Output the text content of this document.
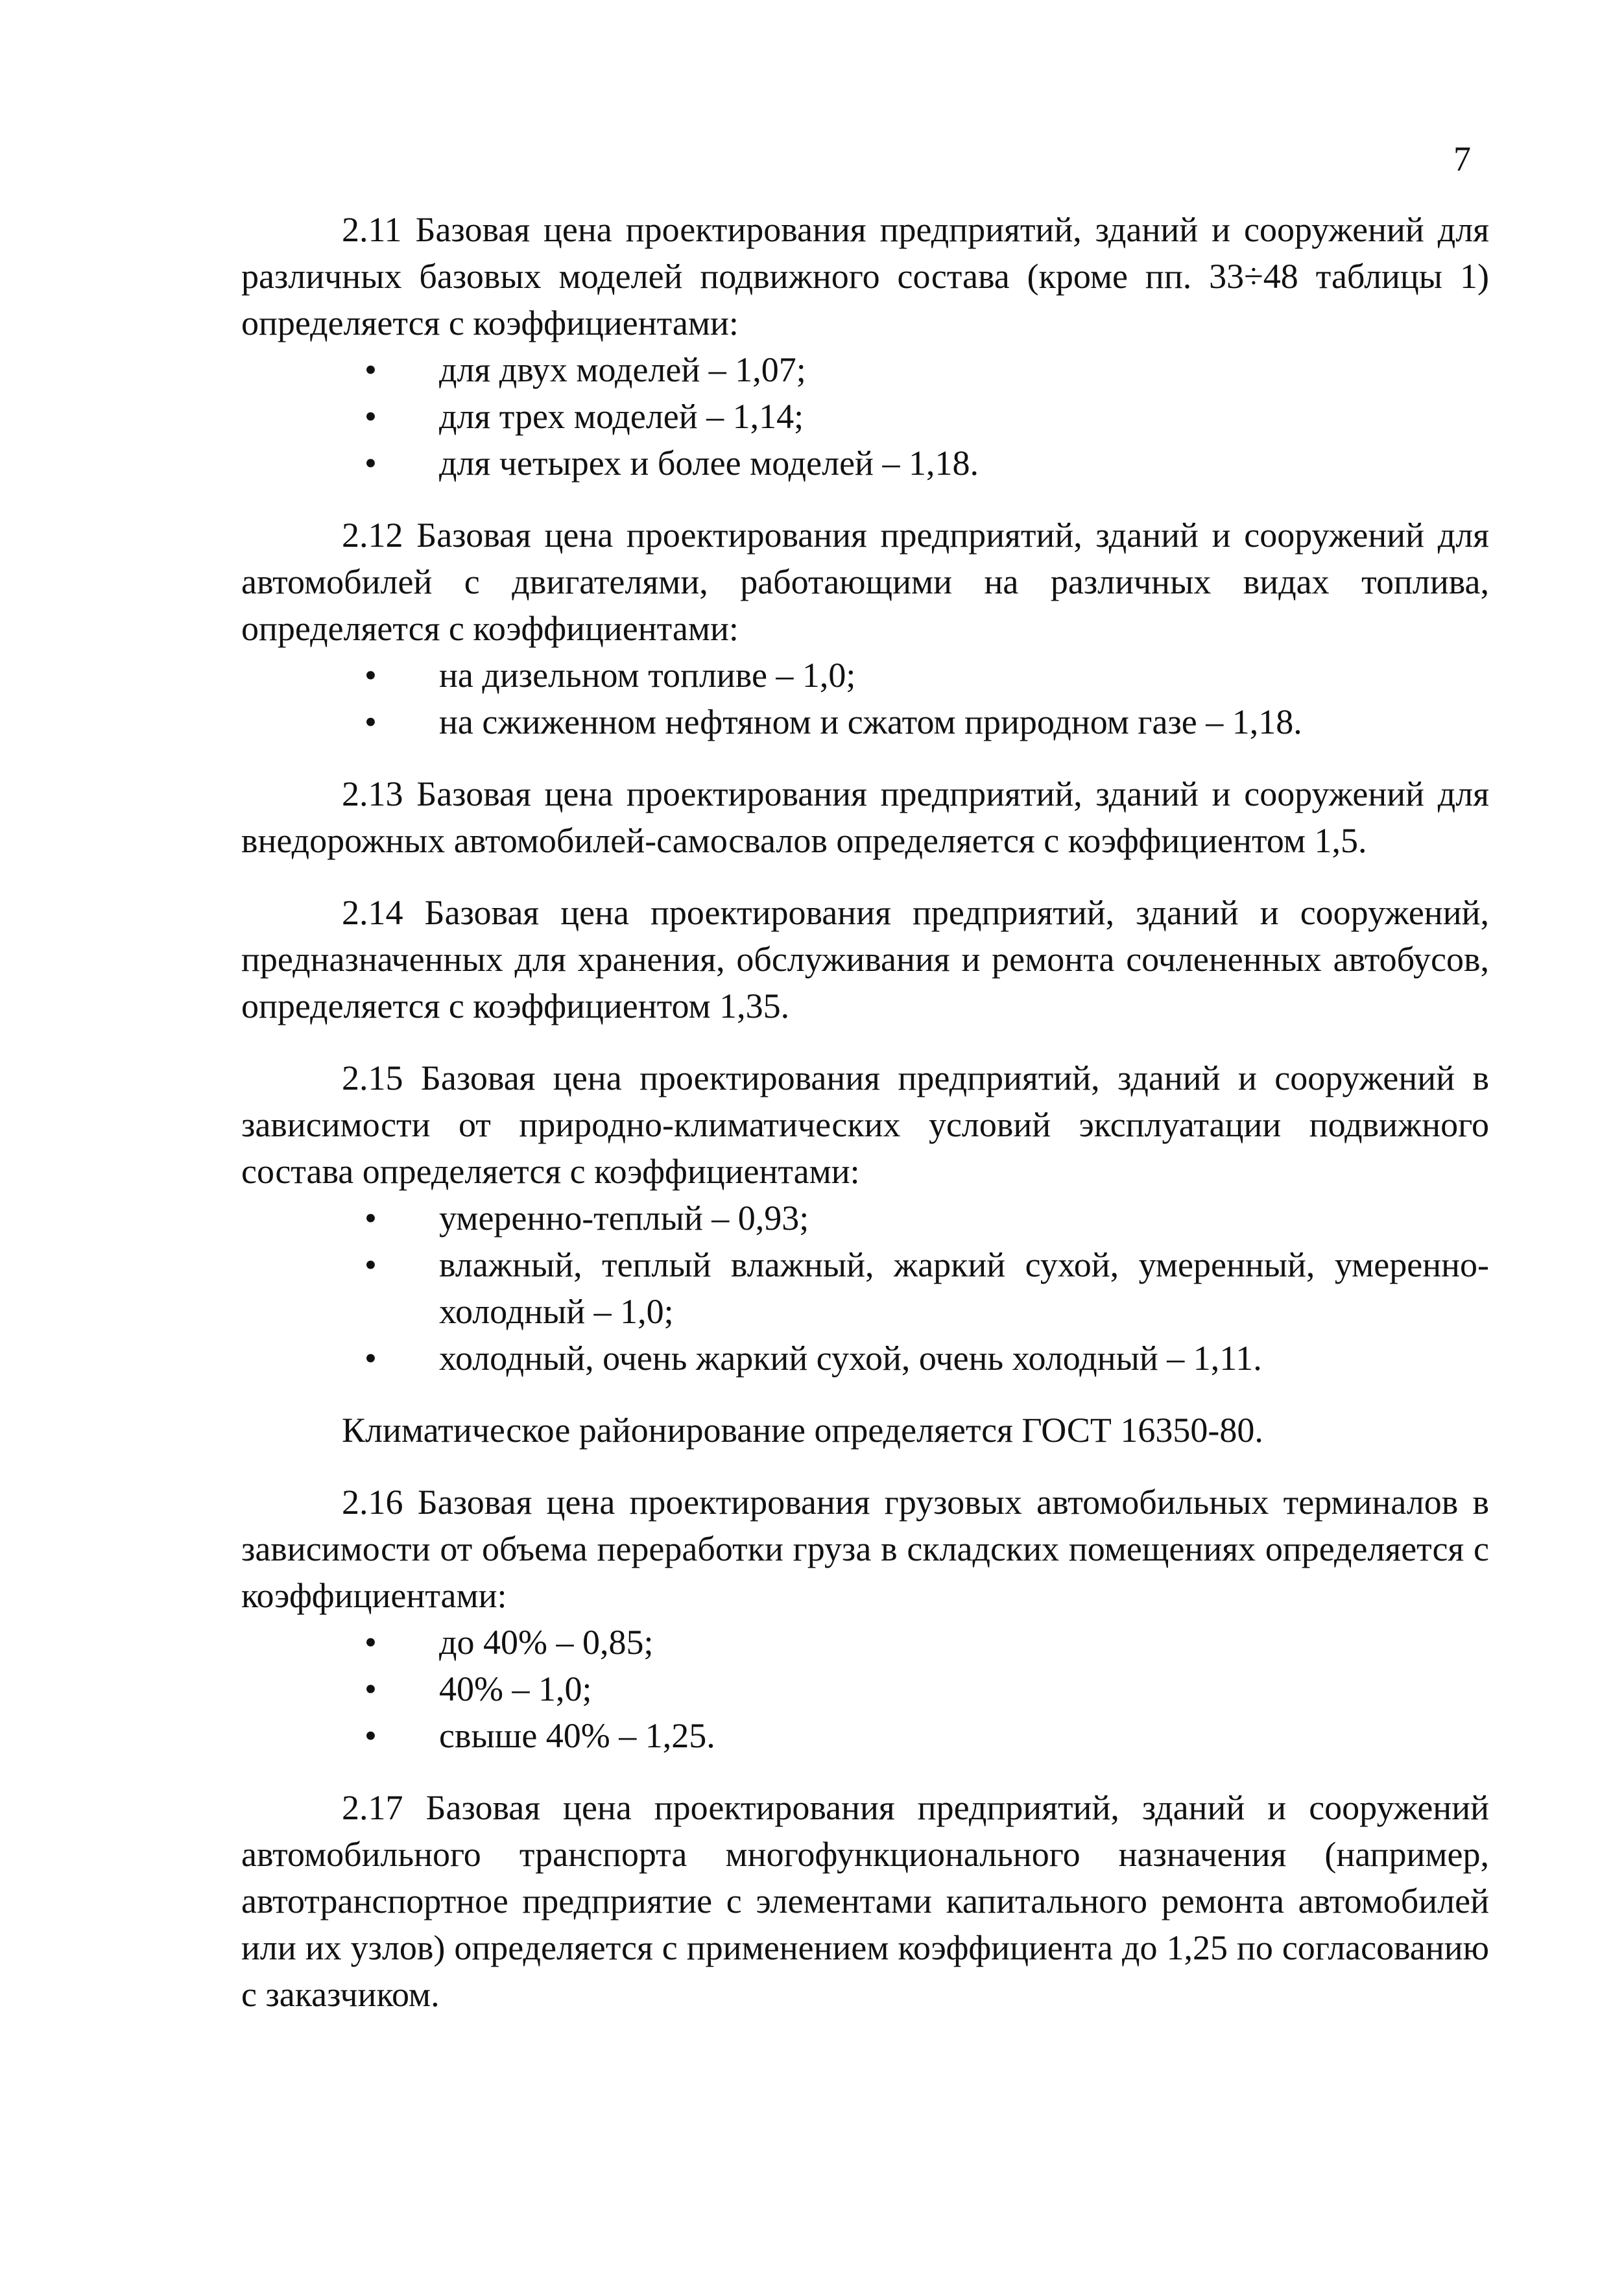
7

2.11 Базовая цена проектирования предприятий, зданий и сооружений для различных базовых моделей подвижного состава (кроме пп. 33÷48 таблицы 1) определяется с коэффициентами:

• для двух моделей – 1,07;
• для трех моделей – 1,14;
• для четырех и более моделей – 1,18.

2.12 Базовая цена проектирования предприятий, зданий и сооружений для автомобилей с двигателями, работающими на различных видах топлива, определяется с коэффициентами:

• на дизельном топливе – 1,0;
• на сжиженном нефтяном и сжатом природном газе – 1,18.

2.13 Базовая цена проектирования предприятий, зданий и сооружений для внедорожных автомобилей-самосвалов определяется с коэффициентом 1,5.

2.14 Базовая цена проектирования предприятий, зданий и сооружений, предназначенных для хранения, обслуживания и ремонта сочлененных автобусов, определяется с коэффициентом 1,35.

2.15 Базовая цена проектирования предприятий, зданий и сооружений в зависимости от природно-климатических условий эксплуатации подвижного состава определяется с коэффициентами:

• умеренно-теплый – 0,93;
• влажный, теплый влажный, жаркий сухой, умеренный, умеренно-холодный – 1,0;
• холодный, очень жаркий сухой, очень холодный – 1,11.

Климатическое районирование определяется ГОСТ 16350-80.

2.16 Базовая цена проектирования грузовых автомобильных терминалов в зависимости от объема переработки груза в складских помещениях определяется с коэффициентами:

• до 40% – 0,85;
• 40% – 1,0;
• свыше 40% – 1,25.

2.17 Базовая цена проектирования предприятий, зданий и сооружений автомобильного транспорта многофункционального назначения (например, автотранспортное предприятие с элементами капитального ремонта автомобилей или их узлов) определяется с применением коэффициента до 1,25 по согласованию с заказчиком.
